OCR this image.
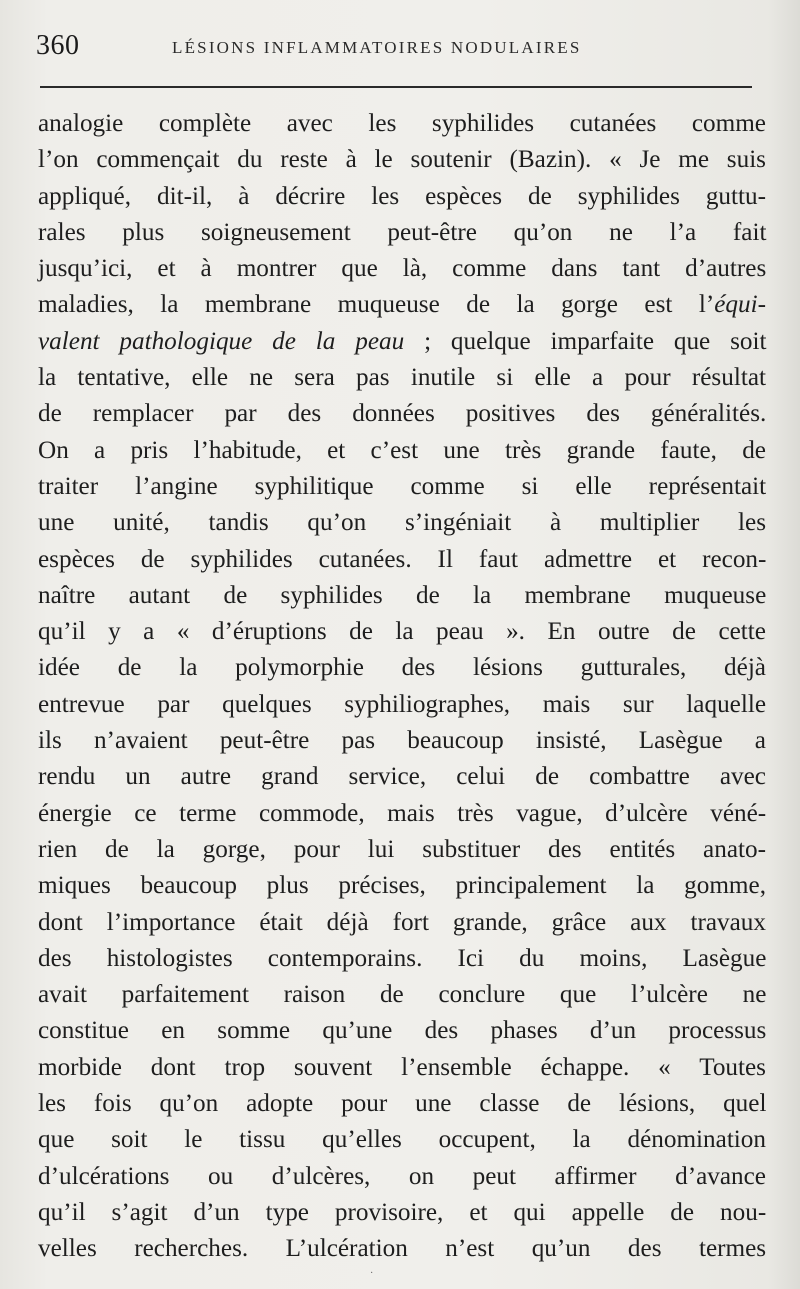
360	LÉSIONS INFLAMMATOIRES NODULAIRES
analogie complète avec les syphilides cutanées comme
l’on commençait du reste à le soutenir (Bazin). « Je me suis
appliqué, dit-il, à décrire les espèces de syphilides guttu-
rales plus soigneusement peut-être qu’on ne l’a fait
jusqu’ici, et à montrer que là, comme dans tant d’autres
maladies, la membrane muqueuse de la gorge est l’équi-
valent pathologique de la peau ; quelque imparfaite que soit
la tentative, elle ne sera pas inutile si elle a pour résultat
de remplacer par des données positives des généralités.
On a pris l’habitude, et c’est une très grande faute, de
traiter l’angine syphilitique comme si elle représentait
une unité, tandis qu’on s’ingéniait à multiplier les
espèces de syphilides cutanées. Il faut admettre et recon-
naître autant de syphilides de la membrane muqueuse
qu’il y a « d’éruptions de la peau ». En outre de cette
idée de la polymorphie des lésions gutturales, déjà
entrevue par quelques syphiliographes, mais sur laquelle
ils n’avaient peut-être pas beaucoup insisté, Lasègue a
rendu un autre grand service, celui de combattre avec
énergie ce terme commode, mais très vague, d’ulcère véné-
rien de la gorge, pour lui substituer des entités anato-
miques beaucoup plus précises, principalement la gomme,
dont l’importance était déjà fort grande, grâce aux travaux
des histologistes contemporains. Ici du moins, Lasègue
avait parfaitement raison de conclure que l’ulcère ne
constitue en somme qu’une des phases d’un processus
morbide dont trop souvent l’ensemble échappe. « Toutes
les fois qu’on adopte pour une classe de lésions, quel
que soit le tissu qu’elles occupent, la dénomination
d’ulcérations ou d’ulcères, on peut affirmer d’avance
qu’il s’agit d’un type provisoire, et qui appelle de nou-
velles recherches. L’ulcération n’est qu’un des termes
·
